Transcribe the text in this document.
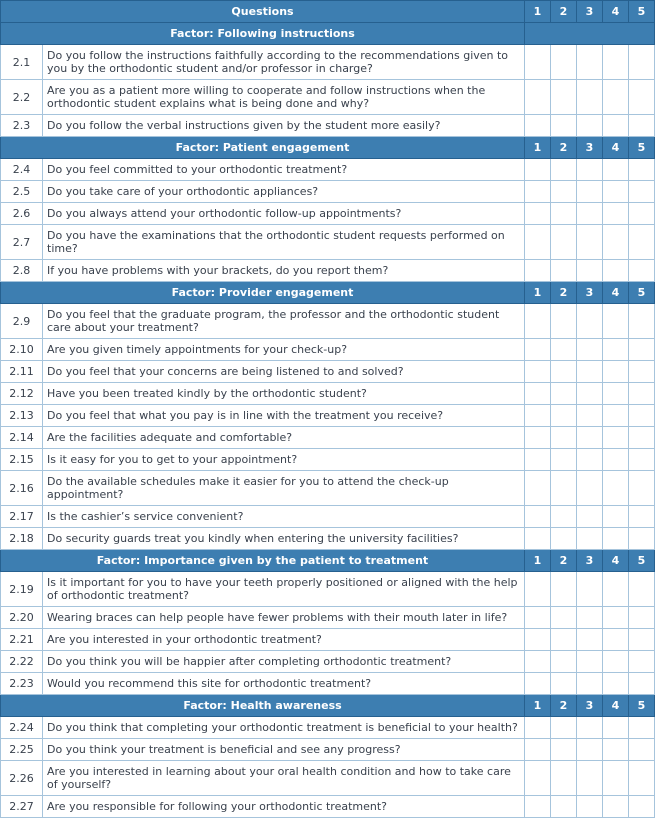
Questions		1	2	3	4	5
Factor: Following instructions						
2.1	Do you follow the instructions faithfully according to the recommendations given to you by the orthodontic student and/or professor in charge?					
2.2	Are you as a patient more willing to cooperate and follow instructions when the orthodontic student explains what is being done and why?					
2.3	Do you follow the verbal instructions given by the student more easily?					
Factor: Patient engagement		1	2	3	4	5
2.4	Do you feel committed to your orthodontic treatment?					
2.5	Do you take care of your orthodontic appliances?					
2.6	Do you always attend your orthodontic follow-up appointments?					
2.7	Do you have the examinations that the orthodontic student requests performed on time?					
2.8	If you have problems with your brackets, do you report them?					
Factor: Provider engagement		1	2	3	4	5
2.9	Do you feel that the graduate program, the professor and the orthodontic student care about your treatment?					
2.10	Are you given timely appointments for your check-up?					
2.11	Do you feel that your concerns are being listened to and solved?					
2.12	Have you been treated kindly by the orthodontic student?					
2.13	Do you feel that what you pay is in line with the treatment you receive?					
2.14	Are the facilities adequate and comfortable?					
2.15	Is it easy for you to get to your appointment?					
2.16	Do the available schedules make it easier for you to attend the check-up appointment?					
2.17	Is the cashier’s service convenient?					
2.18	Do security guards treat you kindly when entering the university facilities?					
Factor: Importance given by the patient to treatment		1	2	3	4	5
2.19	Is it important for you to have your teeth properly positioned or aligned with the help of orthodontic treatment?					
2.20	Wearing braces can help people have fewer problems with their mouth later in life?					
2.21	Are you interested in your orthodontic treatment?					
2.22	Do you think you will be happier after completing orthodontic treatment?					
2.23	Would you recommend this site for orthodontic treatment?					
Factor: Health awareness		1	2	3	4	5
2.24	Do you think that completing your orthodontic treatment is beneficial to your health?					
2.25	Do you think your treatment is beneficial and see any progress?					
2.26	Are you interested in learning about your oral health condition and how to take care of yourself?					
2.27	Are you responsible for following your orthodontic treatment?					
